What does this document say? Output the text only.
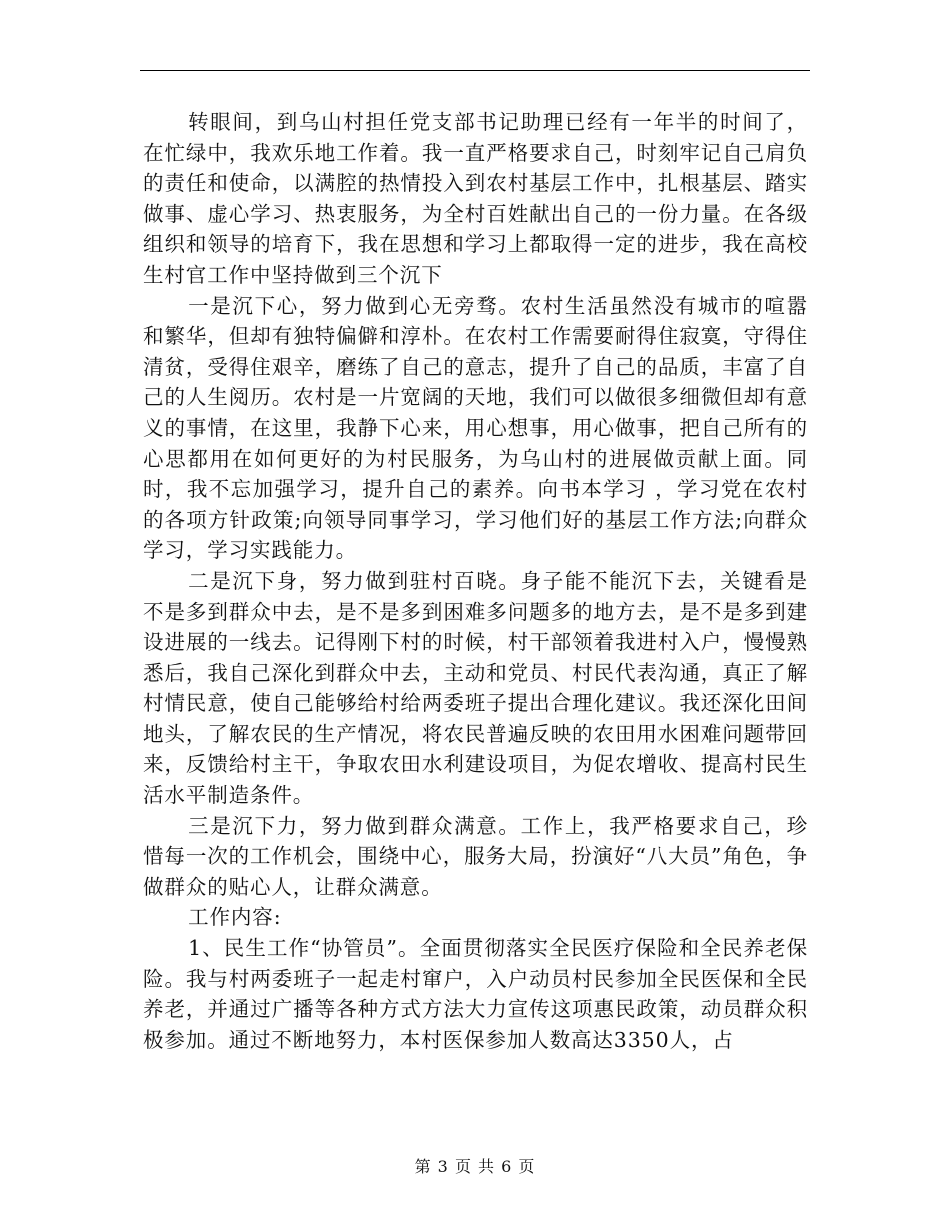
转眼间，到乌山村担任党支部书记助理已经有一年半的时间了，在忙绿中，我欢乐地工作着。我一直严格要求自己，时刻牢记自己肩负的责任和使命，以满腔的热情投入到农村基层工作中，扎根基层、踏实做事、虚心学习、热衷服务，为全村百姓献出自己的一份力量。在各级组织和领导的培育下，我在思想和学习上都取得一定的进步，我在高校生村官工作中坚持做到三个沉下

一是沉下心，努力做到心无旁骛。农村生活虽然没有城市的喧嚣和繁华，但却有独特偏僻和淳朴。在农村工作需要耐得住寂寞，守得住清贫，受得住艰辛，磨练了自己的意志，提升了自己的品质，丰富了自己的人生阅历。农村是一片宽阔的天地，我们可以做很多细微但却有意义的事情，在这里，我静下心来，用心想事，用心做事，把自己所有的心思都用在如何更好的为村民服务，为乌山村的进展做贡献上面。同时，我不忘加强学习，提升自己的素养。向书本学习 ，学习党在农村的各项方针政策;向领导同事学习，学习他们好的基层工作方法;向群众学习，学习实践能力。

二是沉下身，努力做到驻村百晓。身子能不能沉下去，关键看是不是多到群众中去，是不是多到困难多问题多的地方去，是不是多到建设进展的一线去。记得刚下村的时候，村干部领着我进村入户，慢慢熟悉后，我自己深化到群众中去，主动和党员、村民代表沟通，真正了解村情民意，使自己能够给村给两委班子提出合理化建议。我还深化田间地头，了解农民的生产情况，将农民普遍反映的农田用水困难问题带回来，反馈给村主干，争取农田水利建设项目，为促农增收、提高村民生活水平制造条件。

三是沉下力，努力做到群众满意。工作上，我严格要求自己，珍惜每一次的工作机会，围绕中心，服务大局，扮演好“八大员”角色，争做群众的贴心人，让群众满意。

工作内容:

1、民生工作“协管员”。全面贯彻落实全民医疗保险和全民养老保险。我与村两委班子一起走村窜户，入户动员村民参加全民医保和全民养老，并通过广播等各种方式方法大力宣传这项惠民政策，动员群众积极参加。通过不断地努力，本村医保参加人数高达3350人，占

第 3 页 共 6 页
